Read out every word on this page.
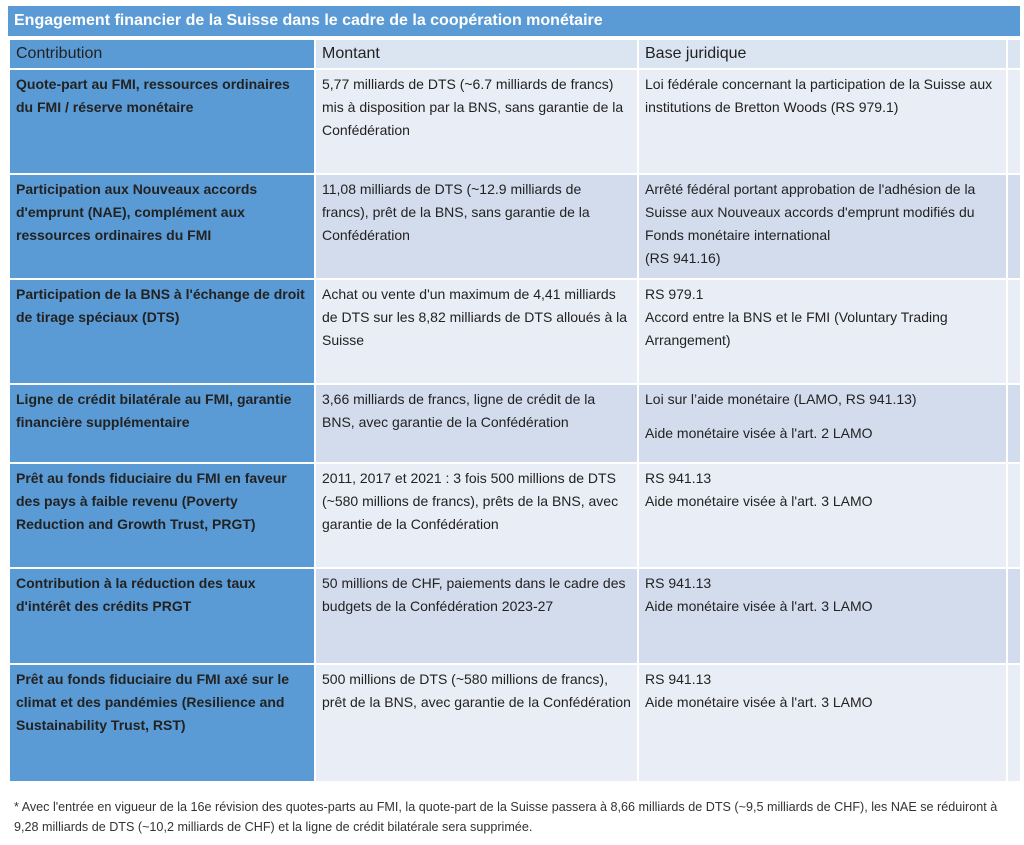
Engagement financier de la Suisse dans le cadre de la coopération monétaire
Contribution	Montant	Base juridique	
Quote-part au FMI, ressources ordinaires du FMI / réserve monétaire	5,77 milliards de DTS (~6.7 milliards de francs) mis à disposition par la BNS, sans garantie de la Confédération	Loi fédérale concernant la participation de la Suisse aux institutions de Bretton Woods (RS 979.1)	

Participation aux Nouveaux accords d'emprunt (NAE), complément aux ressources ordinaires du FMI	11,08 milliards de DTS (~12.9 milliards de francs), prêt de la BNS, sans garantie de la Confédération	Arrêté fédéral portant approbation de l'adhésion de la Suisse aux Nouveaux accords d'emprunt modifiés du Fonds monétaire international
(RS 941.16)	

Participation de la BNS à l'échange de droit de tirage spéciaux (DTS)	Achat ou vente d'un maximum de 4,41 milliards de DTS sur les 8,82 milliards de DTS alloués à la Suisse	RS 979.1
Accord entre la BNS et le FMI (Voluntary Trading Arrangement)	

Ligne de crédit bilatérale au FMI, garantie financière supplémentaire	3,66 milliards de francs, ligne de crédit de la BNS, avec garantie de la Confédération	Loi sur l’aide monétaire (LAMO, RS 941.13)
Aide monétaire visée à l'art. 2 LAMO	

Prêt au fonds fiduciaire du FMI en faveur des pays à faible revenu (Poverty Reduction and Growth Trust, PRGT)	2011, 2017 et 2021 : 3 fois 500 millions de DTS (~580 millions de francs), prêts de la BNS, avec garantie de la Confédération	RS 941.13
Aide monétaire visée à l'art. 3 LAMO	

Contribution à la réduction des taux d'intérêt des crédits PRGT	50 millions de CHF, paiements dans le cadre des budgets de la Confédération 2023-27	RS 941.13
Aide monétaire visée à l'art. 3 LAMO	

Prêt au fonds fiduciaire du FMI axé sur le climat et des pandémies (Resilience and Sustainability Trust, RST)	500 millions de DTS (~580 millions de francs), prêt de la BNS, avec garantie de la Confédération	RS 941.13
Aide monétaire visée à l'art. 3 LAMO	

* Avec l'entrée en vigueur de la 16e révision des quotes-parts au FMI, la quote-part de la Suisse passera à 8,66 milliards de DTS (~9,5 milliards de CHF), les NAE se réduiront à 9,28 milliards de DTS (~10,2 milliards de CHF) et la ligne de crédit bilatérale sera supprimée.
